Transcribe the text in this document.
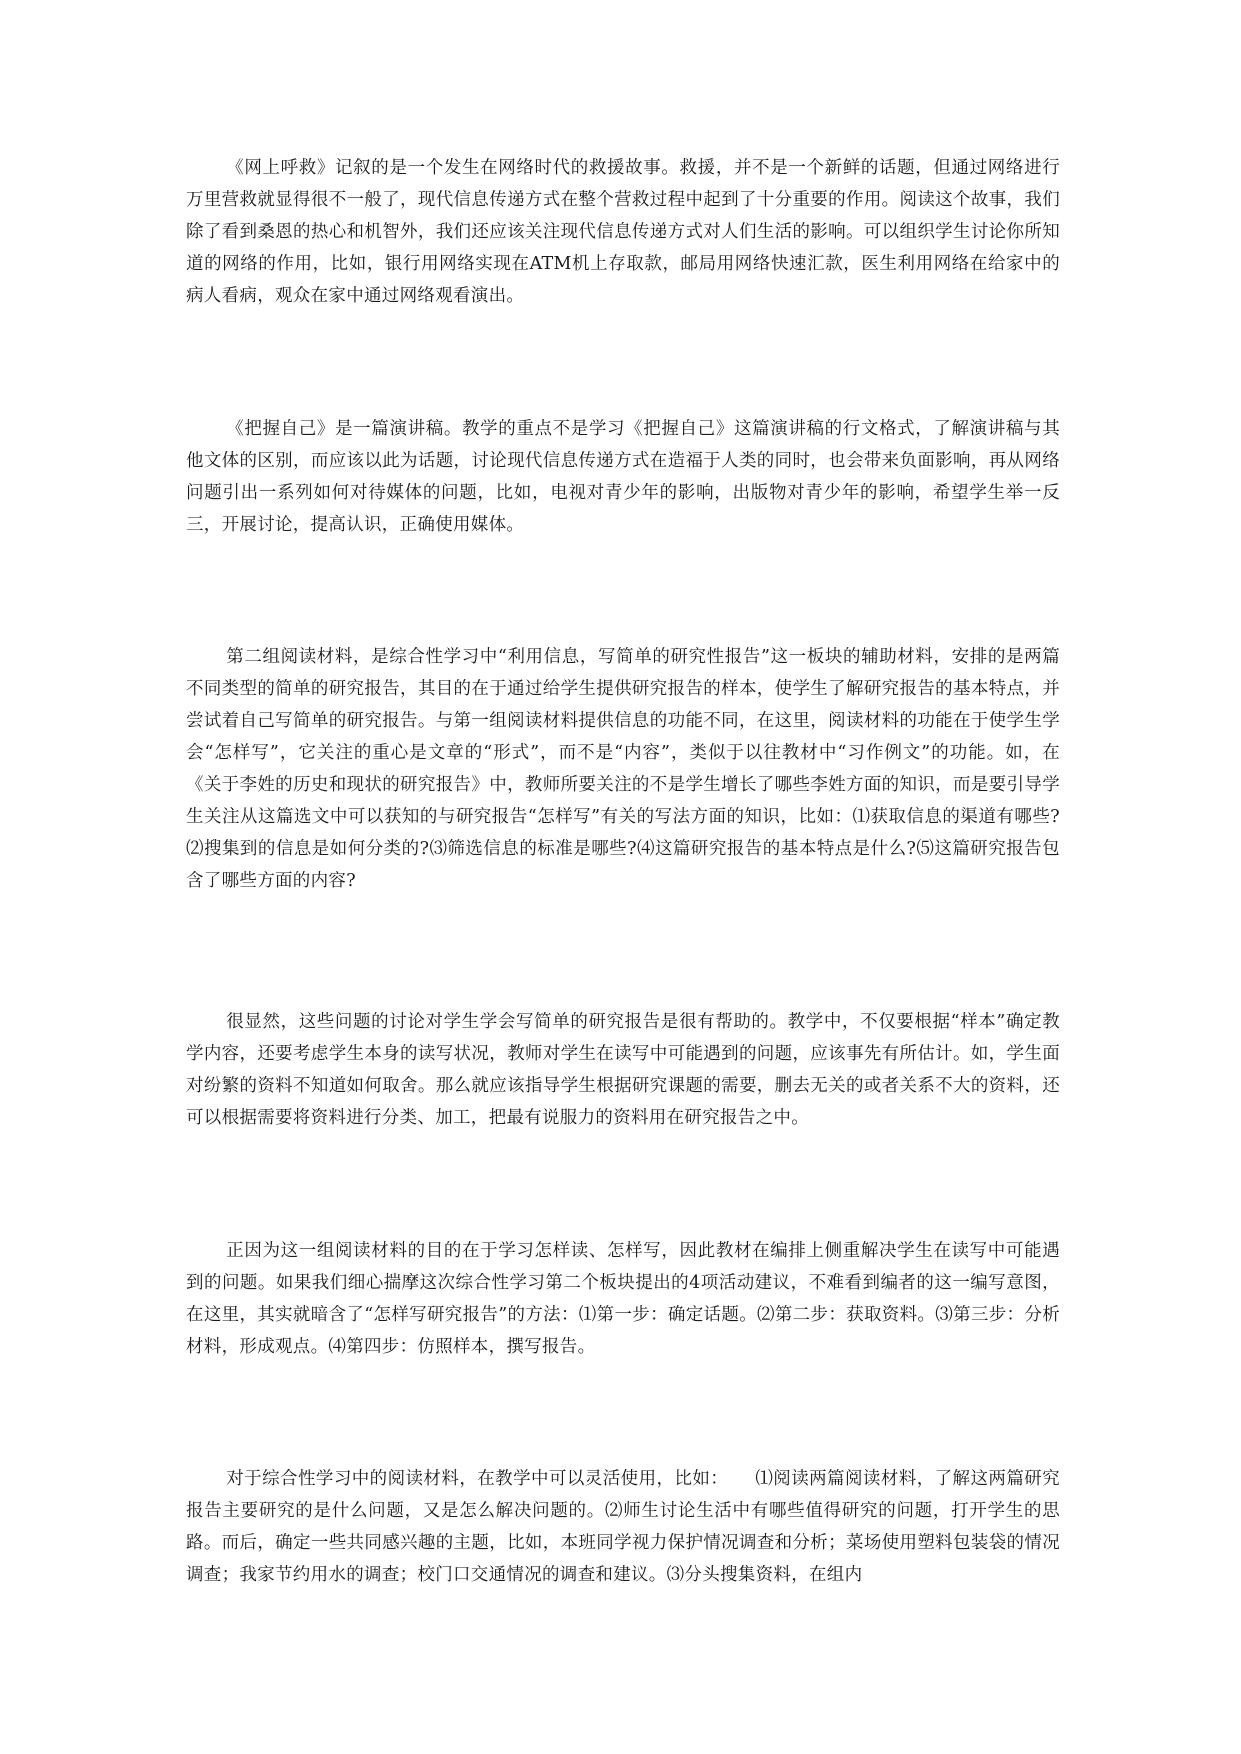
《网上呼救》记叙的是一个发生在网络时代的救援故事。救援，并不是一个新鲜的话题，但通过网络进行万里营救就显得很不一般了，现代信息传递方式在整个营救过程中起到了十分重要的作用。阅读这个故事，我们除了看到桑恩的热心和机智外，我们还应该关注现代信息传递方式对人们生活的影响。可以组织学生讨论你所知道的网络的作用，比如，银行用网络实现在ATM机上存取款，邮局用网络快速汇款，医生利用网络在给家中的病人看病，观众在家中通过网络观看演出。

《把握自己》是一篇演讲稿。教学的重点不是学习《把握自己》这篇演讲稿的行文格式，了解演讲稿与其他文体的区别，而应该以此为话题，讨论现代信息传递方式在造福于人类的同时，也会带来负面影响，再从网络问题引出一系列如何对待媒体的问题，比如，电视对青少年的影响，出版物对青少年的影响，希望学生举一反三，开展讨论，提高认识，正确使用媒体。

第二组阅读材料，是综合性学习中“利用信息，写简单的研究性报告”这一板块的辅助材料，安排的是两篇不同类型的简单的研究报告，其目的在于通过给学生提供研究报告的样本，使学生了解研究报告的基本特点，并尝试着自己写简单的研究报告。与第一组阅读材料提供信息的功能不同，在这里，阅读材料的功能在于使学生学会“怎样写”，它关注的重心是文章的“形式”，而不是“内容”，类似于以往教材中“习作例文”的功能。如，在《关于李姓的历史和现状的研究报告》中，教师所要关注的不是学生增长了哪些李姓方面的知识，而是要引导学生关注从这篇选文中可以获知的与研究报告“怎样写”有关的写法方面的知识，比如：⑴获取信息的渠道有哪些?⑵搜集到的信息是如何分类的?⑶筛选信息的标准是哪些?⑷这篇研究报告的基本特点是什么?⑸这篇研究报告包含了哪些方面的内容?

很显然，这些问题的讨论对学生学会写简单的研究报告是很有帮助的。教学中，不仅要根据“样本”确定教学内容，还要考虑学生本身的读写状况，教师对学生在读写中可能遇到的问题，应该事先有所估计。如，学生面对纷繁的资料不知道如何取舍。那么就应该指导学生根据研究课题的需要，删去无关的或者关系不大的资料，还可以根据需要将资料进行分类、加工，把最有说服力的资料用在研究报告之中。

正因为这一组阅读材料的目的在于学习怎样读、怎样写，因此教材在编排上侧重解决学生在读写中可能遇到的问题。如果我们细心揣摩这次综合性学习第二个板块提出的4项活动建议，不难看到编者的这一编写意图，在这里，其实就暗含了“怎样写研究报告”的方法：⑴第一步：确定话题。⑵第二步：获取资料。⑶第三步：分析材料，形成观点。⑷第四步：仿照样本，撰写报告。

对于综合性学习中的阅读材料，在教学中可以灵活使用，比如：　　⑴阅读两篇阅读材料，了解这两篇研究报告主要研究的是什么问题，又是怎么解决问题的。⑵师生讨论生活中有哪些值得研究的问题，打开学生的思路。而后，确定一些共同感兴趣的主题，比如，本班同学视力保护情况调查和分析；菜场使用塑料包装袋的情况调查；我家节约用水的调查；校门口交通情况的调查和建议。⑶分头搜集资料，在组内
